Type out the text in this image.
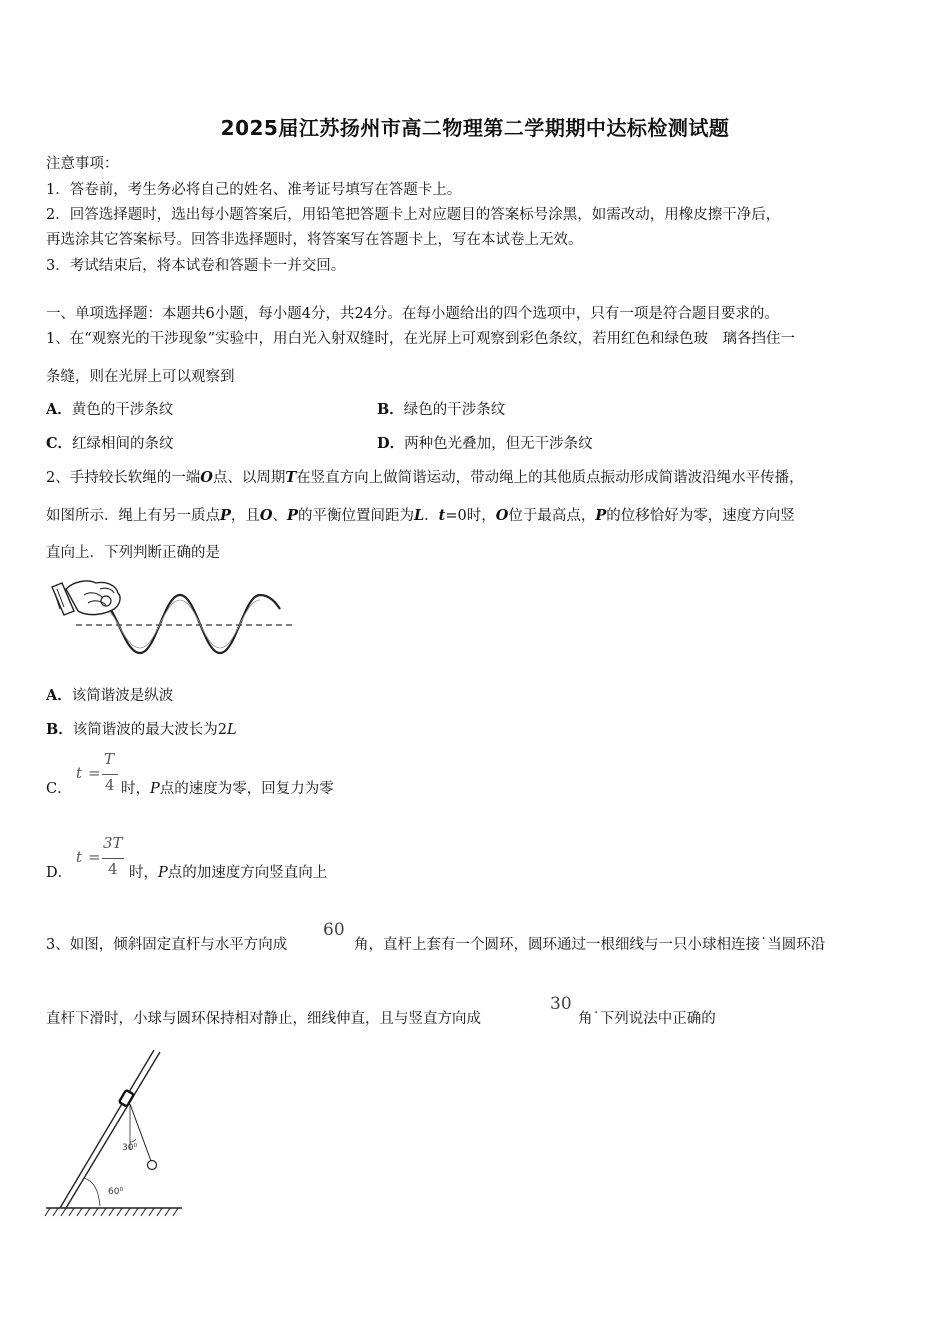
2025届江苏扬州市高二物理第二学期期中达标检测试题
注意事项：
1．答卷前，考生务必将自己的姓名、准考证号填写在答题卡上。
2．回答选择题时，选出每小题答案后，用铅笔把答题卡上对应题目的答案标号涂黑，如需改动，用橡皮擦干净后，
再选涂其它答案标号。回答非选择题时，将答案写在答题卡上，写在本试卷上无效。
3．考试结束后，将本试卷和答题卡一并交回。
一、单项选择题：本题共6小题，每小题4分，共24分。在每小题给出的四个选项中，只有一项是符合题目要求的。
1、在“观察光的干涉现象”实验中，用白光入射双缝时，在光屏上可观察到彩色条纹，若用红色和绿色玻　璃各挡住一
条缝，则在光屏上可以观察到
A．黄色的干涉条纹	B．绿色的干涉条纹
C．红绿相间的条纹	D．两种色光叠加，但无干涉条纹
2、手持较长软绳的一端O点、以周期T在竖直方向上做简谐运动，带动绳上的其他质点振动形成简谐波沿绳水平传播，
如图所示．绳上有另一质点P，且O、P的平衡位置间距为L．t=0时，O位于最高点，P的位移恰好为零，速度方向竖
直向上．下列判断正确的是
A．该简谐波是纵波
B．该简谐波的最大波长为2L
C．
t =
T
4 时，P点的速度为零，回复力为零
D．
t =
3T
4 时，P点的加速度方向竖直向上
3、如图，倾斜固定直杆与水平方向成
60
角，直杆上套有一个圆环，圆环通过一根细线与一只小球相连接˙当圆环沿
直杆下滑时，小球与圆环保持相对静止，细线伸直，且与竖直方向成
30
角˙下列说法中正确的
30⁰
60⁰
